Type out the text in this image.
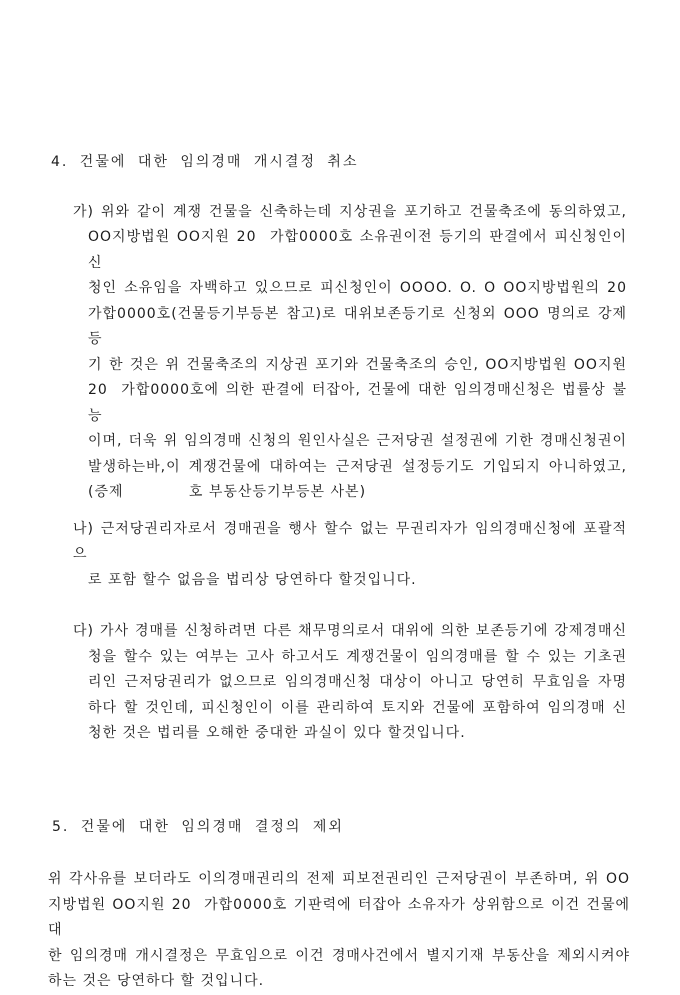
4. 건물에 대한 임의경매 개시결정 취소
가) 위와 같이 계쟁 건물을 신축하는데 지상권을 포기하고 건물축조에 동의하였고,
OO지방법원 OO지원 20  가합0000호 소유권이전 등기의 판결에서 피신청인이 신
청인 소유임을 자백하고 있으므로 피신청인이 OOOO. O. O OO지방법원의 20
가합0000호(건물등기부등본 참고)로 대위보존등기로 신청외 OOO 명의로 강제등
기 한 것은 위 건물축조의 지상권 포기와 건물축조의 승인, OO지방법원 OO지원
20  가합0000호에 의한 판결에 터잡아, 건물에 대한 임의경매신청은 법률상 불능
이며, 더욱 위 임의경매 신청의 원인사실은 근저당권 설정권에 기한 경매신청권이
발생하는바,이 계쟁건물에 대하여는 근저당권 설정등기도 기입되지 아니하였고,
(증제            호 부동산등기부등본 사본)
나) 근저당권리자로서 경매권을 행사 할수 없는 무권리자가 임의경매신청에 포괄적으
로 포함 할수 없음을 법리상 당연하다 할것입니다.
다) 가사 경매를 신청하려면 다른 채무명의로서 대위에 의한 보존등기에 강제경매신
청을 할수 있는 여부는 고사 하고서도 계쟁건물이 임의경매를 할 수 있는 기초권
리인 근저당권리가 없으므로 임의경매신청 대상이 아니고 당연히 무효임을 자명
하다 할 것인데, 피신청인이 이를 관리하여 토지와 건물에 포함하여 임의경매 신
청한 것은 법리를 오해한 중대한 과실이 있다 할것입니다.
5. 건물에 대한 임의경매 결정의 제외
위 각사유를 보더라도 이의경매권리의 전제 피보전권리인 근저당권이 부존하며, 위 OO
지방법원 OO지원 20  가합0000호 기판력에 터잡아 소유자가 상위함으로 이건 건물에 대
한 임의경매 개시결정은 무효임으로 이건 경매사건에서 별지기재 부동산을 제외시켜야
하는 것은 당연하다 할 것입니다.
